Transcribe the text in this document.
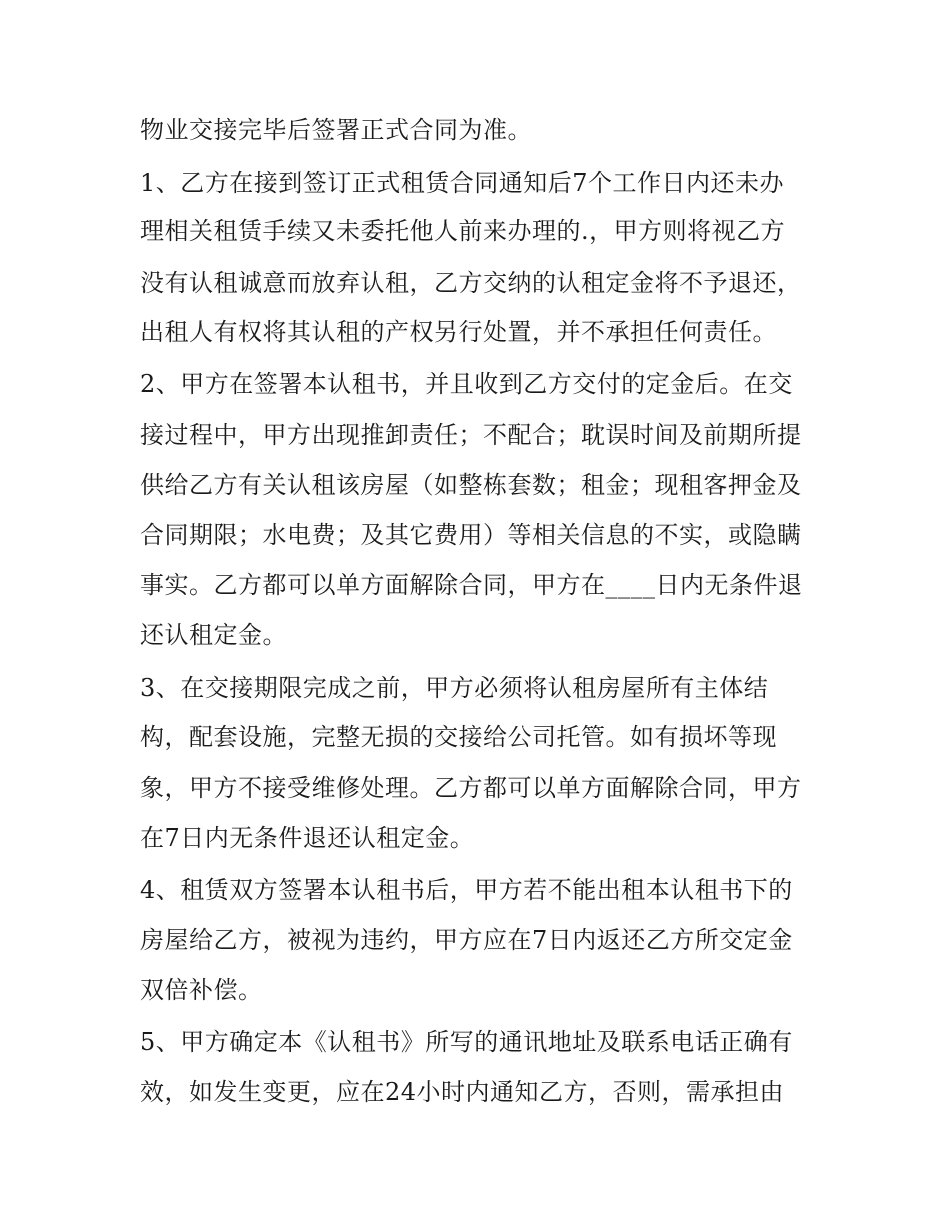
物业交接完毕后签署正式合同为准。
1、乙方在接到签订正式租赁合同通知后7个工作日内还未办
理相关租赁手续又未委托他人前来办理的.，甲方则将视乙方
没有认租诚意而放弃认租，乙方交纳的认租定金将不予退还，
出租人有权将其认租的产权另行处置，并不承担任何责任。
2、甲方在签署本认租书，并且收到乙方交付的定金后。在交
接过程中，甲方出现推卸责任；不配合；耽误时间及前期所提
供给乙方有关认租该房屋（如整栋套数；租金；现租客押金及
合同期限；水电费；及其它费用）等相关信息的不实，或隐瞒
事实。乙方都可以单方面解除合同，甲方在____日内无条件退
还认租定金。
3、在交接期限完成之前，甲方必须将认租房屋所有主体结
构，配套设施，完整无损的交接给公司托管。如有损坏等现
象，甲方不接受维修处理。乙方都可以单方面解除合同，甲方
在7日内无条件退还认租定金。
4、租赁双方签署本认租书后，甲方若不能出租本认租书下的
房屋给乙方，被视为违约，甲方应在7日内返还乙方所交定金
双倍补偿。
5、甲方确定本《认租书》所写的通讯地址及联系电话正确有
效，如发生变更，应在24小时内通知乙方，否则，需承担由
